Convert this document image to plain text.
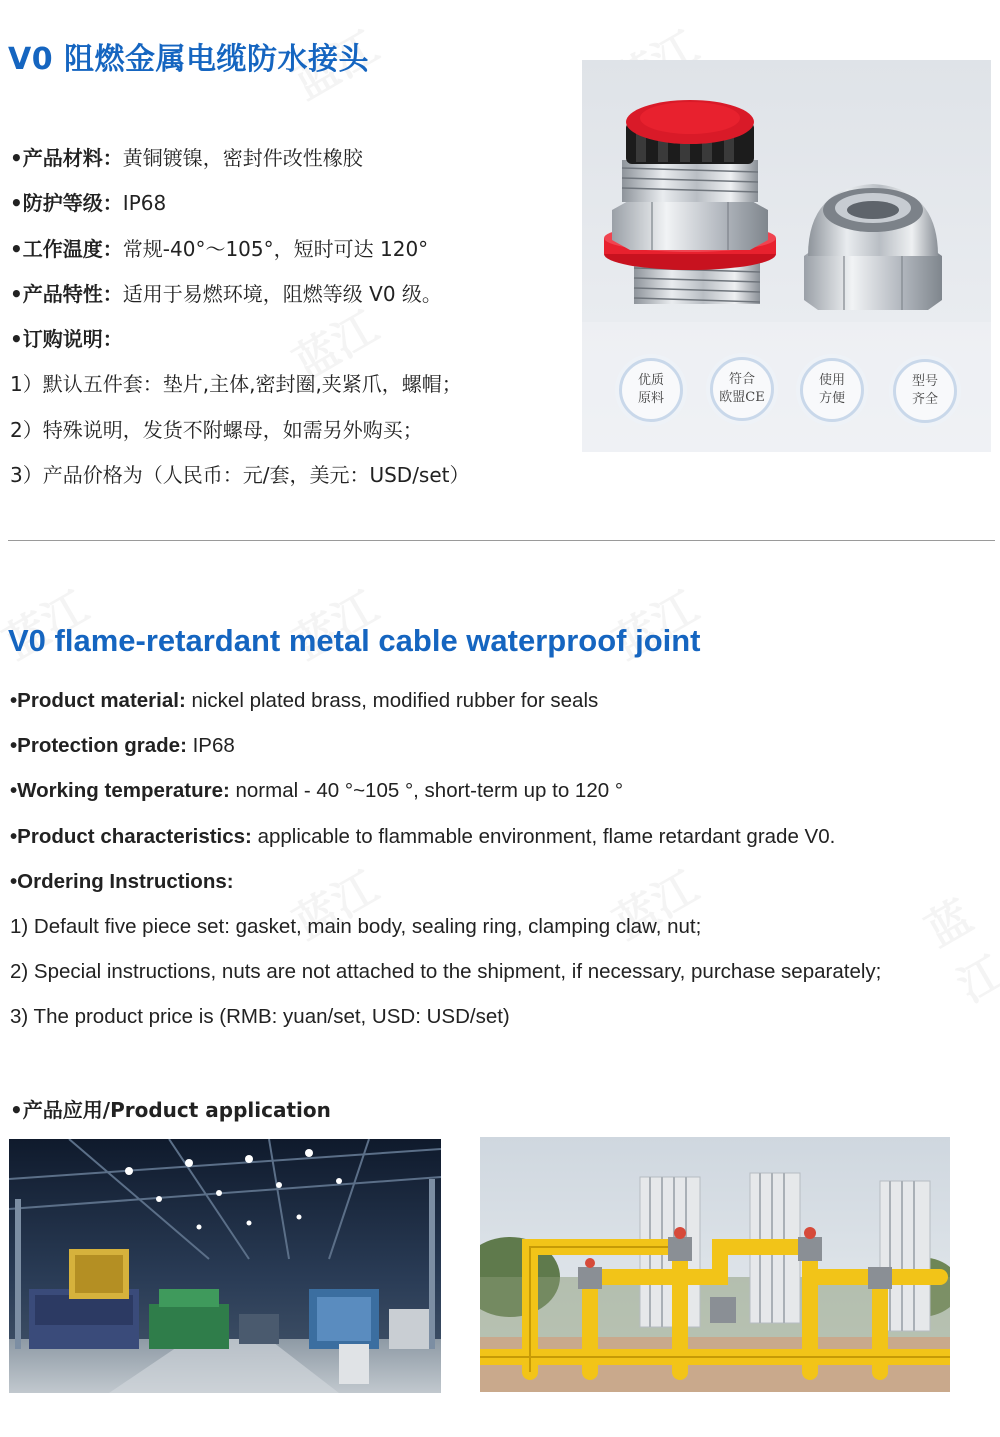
V0 阻燃金属电缆防水接头
•产品材料：黄铜镀镍，密封件改性橡胶
•防护等级：IP68
•工作温度：常规-40°～105°，短时可达 120°
•产品特性：适用于易燃环境，阻燃等级 V0 级。
•订购说明：
1）默认五件套：垫片,主体,密封圈,夹紧爪，螺帽；
2）特殊说明，发货不附螺母，如需另外购买；
3）产品价格为（人民币：元/套，美元：USD/set）
优质
原料
符合
欧盟CE
使用
方便
型号
齐全
V0 flame-retardant metal cable waterproof joint
•Product material: nickel plated brass, modified rubber for seals
•Protection grade: IP68
•Working temperature: normal - 40 °~105 °, short-term up to 120 °
•Product characteristics: applicable to flammable environment, flame retardant grade V0.
•Ordering Instructions:
1) Default five piece set: gasket, main body, sealing ring, clamping claw, nut;
2) Special instructions, nuts are not attached to the shipment, if necessary, purchase separately;
3) The product price is (RMB: yuan/set, USD: USD/set)
•产品应用/Product application
